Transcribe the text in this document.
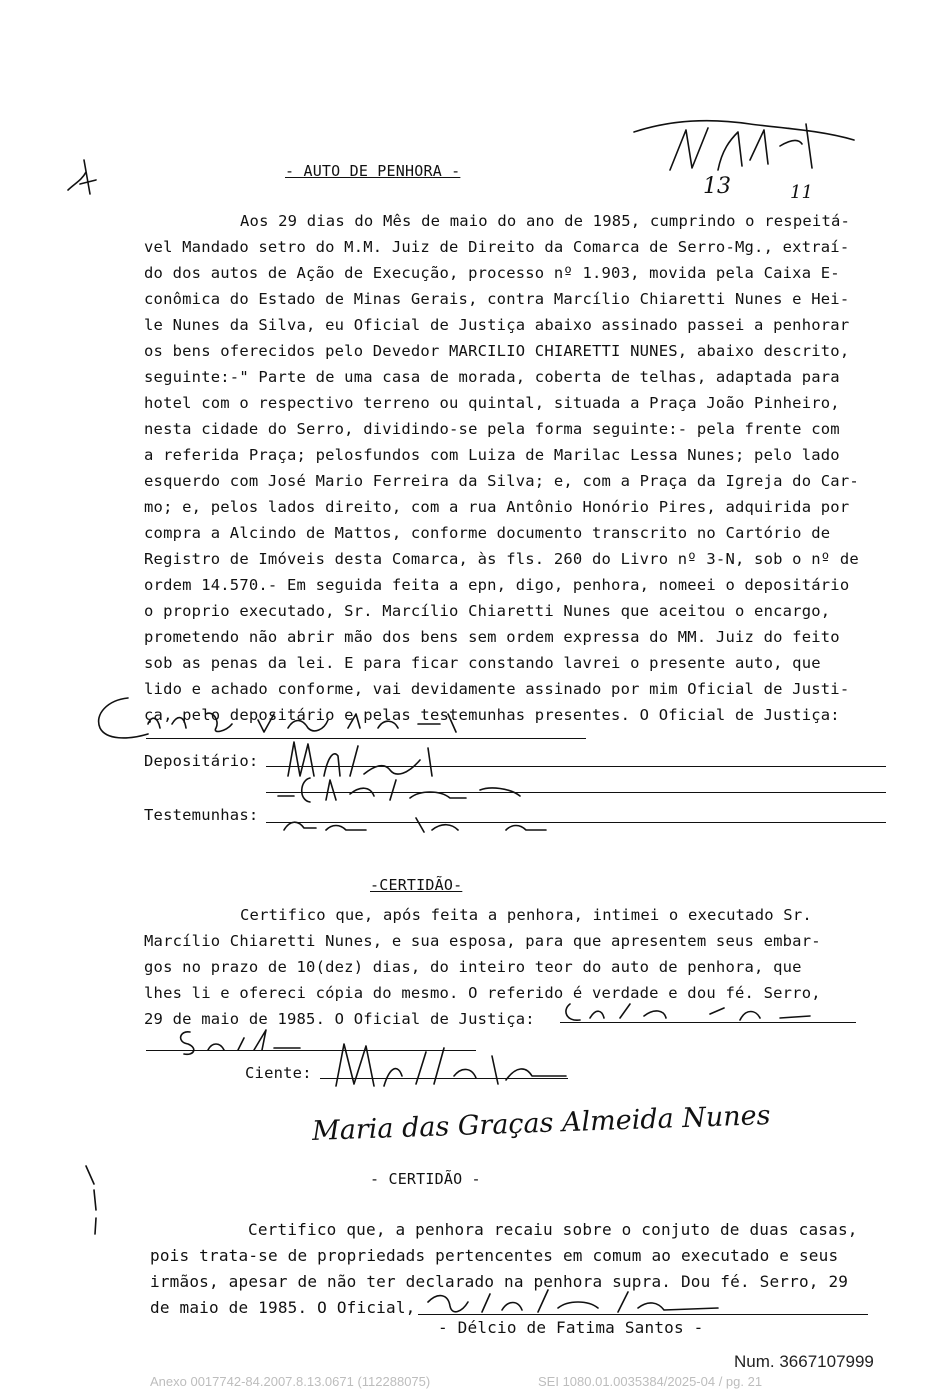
13	11
- AUTO DE PENHORA -
Aos 29 dias do Mês de maio do ano de 1985, cumprindo o respeitá-
vel Mandado setro do M.M. Juiz de Direito da Comarca de Serro-Mg., extraí-
do dos autos de Ação de Execução, processo nº 1.903, movida pela Caixa E-
conômica do Estado de Minas Gerais, contra Marcílio Chiaretti Nunes e Hei-
le Nunes da Silva, eu Oficial de Justiça abaixo assinado passei a penhorar
os bens oferecidos pelo Devedor MARCILIO CHIARETTI NUNES, abaixo descrito,
seguinte:-" Parte de uma casa de morada, coberta de telhas, adaptada para
hotel com o respectivo terreno ou quintal, situada a Praça João Pinheiro,
nesta cidade do Serro, dividindo-se pela forma seguinte:- pela frente com
a referida Praça; pelosfundos com Luiza de Marilac Lessa Nunes; pelo lado
esquerdo com José Mario Ferreira da Silva; e, com a Praça da Igreja do Car-
mo; e, pelos lados direito, com a rua Antônio Honório Pires, adquirida por
compra a Alcindo de Mattos, conforme documento transcrito no Cartório de
Registro de Imóveis desta Comarca, às fls. 260 do Livro nº 3-N, sob o nº de
ordem 14.570.- Em seguida feita a epn, digo, penhora, nomeei o depositário
o proprio executado, Sr. Marcílio Chiaretti Nunes que aceitou o encargo,
prometendo não abrir mão dos bens sem ordem expressa do MM. Juiz do feito
sob as penas da lei. E para ficar constando lavrei o presente auto, que
lido e achado conforme, vai devidamente assinado por mim Oficial de Justi-
ça, pelo depositário e pelas testemunhas presentes. O Oficial de Justiça:
Depositário:
Testemunhas:
-CERTIDÃO-
Certifico que, após feita a penhora, intimei o executado Sr.
Marcílio Chiaretti Nunes, e sua esposa, para que apresentem seus embar-
gos no prazo de 10(dez) dias, do inteiro teor do auto de penhora, que
lhes li e ofereci cópia do mesmo. O referido é verdade e dou fé. Serro,
29 de maio de 1985. O Oficial de Justiça:
Ciente:
Maria das Graças Almeida Nunes
- CERTIDÃO -
Certifico que, a penhora recaiu sobre o conjuto de duas casas,
pois trata-se de propriedads pertencentes em comum ao executado e seus
irmãos, apesar de não ter declarado na penhora supra. Dou fé. Serro, 29
de maio de 1985. O Oficial,
- Délcio de Fatima Santos -
Num. 3667107999
Anexo 0017742-84.2007.8.13.0671 (112288075)	SEI 1080.01.0035384/2025-04 / pg. 21
